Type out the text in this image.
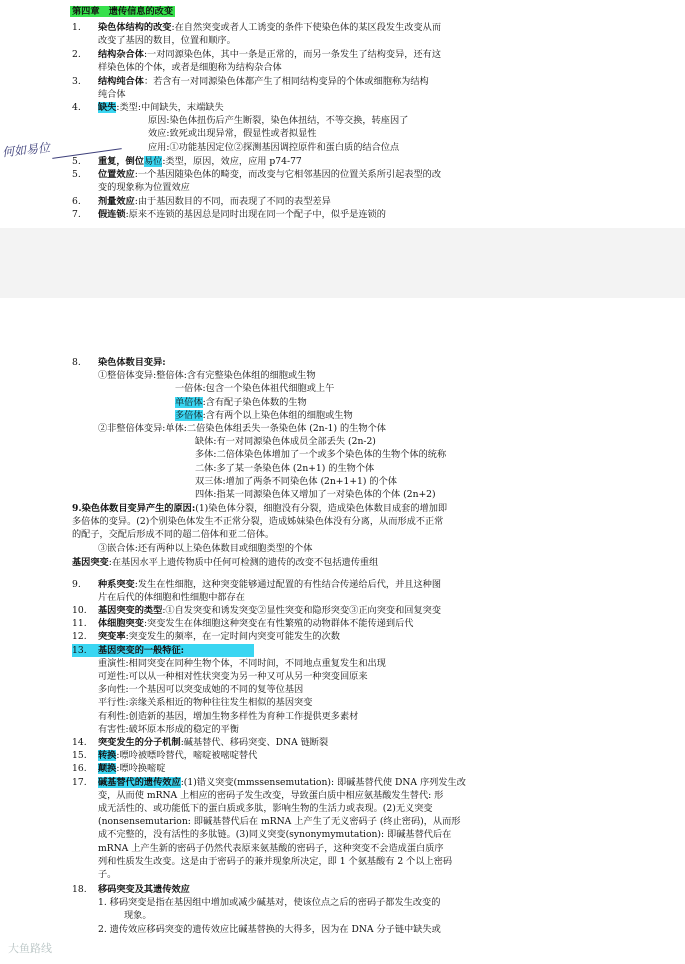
第四章　遗传信息的改变
1. 染色体结构的改变:在自然突变或者人工诱变的条件下使染色体的某区段发生改变从而
改变了基因的数目，位置和顺序。
2. 结构杂合体:一对同源染色体，其中一条是正常的，而另一条发生了结构变异，还有这
样染色体的个体，或者是细胞称为结构杂合体
3. 结构纯合体：若含有一对同源染色体都产生了相同结构变异的个体或细胞称为结构
纯合体
4. 缺失:类型:中间缺失，末端缺失
原因:染色体扭伤后产生断裂，染色体扭结，不等交换，转座因了
效应:致死或出现异常，假显性或者拟显性
应用:①功能基因定位②探测基因调控原件和蛋白质的结合位点
5. 重复，倒位易位:类型，原因，效应，应用 p74-77
5. 位置效应:一个基因随染色体的畸变，而改变与它相邻基因的位置关系所引起表型的改
变的现象称为位置效应
6. 剂量效应:由于基因数目的不同，而表现了不同的表型差异
7. 假连锁:原来不连锁的基因总是同时出现在同一个配子中，似乎是连锁的
何如易位
8. 染色体数目变异:
①整倍体变异:整倍体:含有完整染色体组的细胞或生物
一倍体:包含一个染色体祖代细胞或上午
单倍体:含有配子染色体数的生物
多倍体:含有两个以上染色体组的细胞或生物
②非整倍体变异:单体:二倍染色体组丢失一条染色体 (2n-1) 的生物个体
缺体:有一对同源染色体成员全部丢失 (2n-2)
多体:二倍体染色体增加了一个或多个染色体的生物个体的统称
二体:多了某一条染色体 (2n+1) 的生物个体
双三体:增加了两条不同染色体 (2n+1+1) 的个体
四体:指某一同源染色体又增加了一对染色体的个体 (2n+2)
9.染色体数目变异产生的原因:(1)染色体分裂，细胞没有分裂，造成染色体数目成套的增加即
多倍体的变异。(2)个别染色体发生不正常分裂，造成姊妹染色体没有分离，从而形成不正常
的配子，交配后形成不同的超二倍体和亚二倍体。
③嵌合体:还有两种以上染色体数目或细胞类型的个体
基因突变:在基因水平上遗传物质中任何可检测的遗传的改变不包括遗传重组
9. 种系突变:发生在性细胞，这种突变能够通过配置的有性结合传递给后代，并且这种图
片在后代的体细胞和性细胞中都存在
10. 基因突变的类型:①自发突变和诱发突变②显性突变和隐形突变③正向突变和回复突变
11. 体细胞突变:突变发生在体细胞这种突变在有性繁殖的动物群体不能传递到后代
12. 突变率:突变发生的频率，在一定时间内突变可能发生的次数
13. 基因突变的一般特征:
重演性:相同突变在同种生物个体，不同时间，不同地点重复发生和出现
可逆性:可以从一种相对性状突变为另一种又可从另一种突变回原来
多向性:一个基因可以突变成她的不同的复等位基因
平行性:亲缘关系相近的物种往往发生相似的基因突变
有利性:创造新的基因，增加生物多样性为育种工作提供更多素材
有害性:破坏原本形成的稳定的平衡
14. 突变发生的分子机制:碱基替代、移码突变、DNA 链断裂
15. 转换:嘌呤被嘌呤替代，嘧啶被嘧啶替代
16. 颠换:嘌呤换嘧啶
17. 碱基替代的遗传效应:(1)错义突变(mmssensemutation): 即碱基替代使 DNA 序列发生改
变，从而使 mRNA 上相应的密码子发生改变，导致蛋白质中相应氨基酸发生替代: 形
成无活性的、或功能低下的蛋白质或多肽，影响生物的生活力或表现。(2)无义突变
(nonsensemutarion: 即碱基替代后在 mRNA 上产生了无义密码子 (终止密码)，从而形
成不完整的，没有活性的多肽链。(3)同义突变(synonymymutation): 即碱基替代后在
mRNA 上产生新的密码子仍然代表原来氨基酸的密码子，这种突变不会造成蛋白质序
列和性质发生改变。这是由于密码子的兼并现象所决定，即 1 个氨基酸有 2 个以上密码
子。
18. 移码突变及其遗传效应
1. 移码突变是指在基因组中增加或减少碱基对，使该位点之后的密码子都发生改变的
现象。
2. 遗传效应移码突变的遗传效应比碱基替换的大得多，因为在 DNA 分子链中缺失或
大鱼路线
